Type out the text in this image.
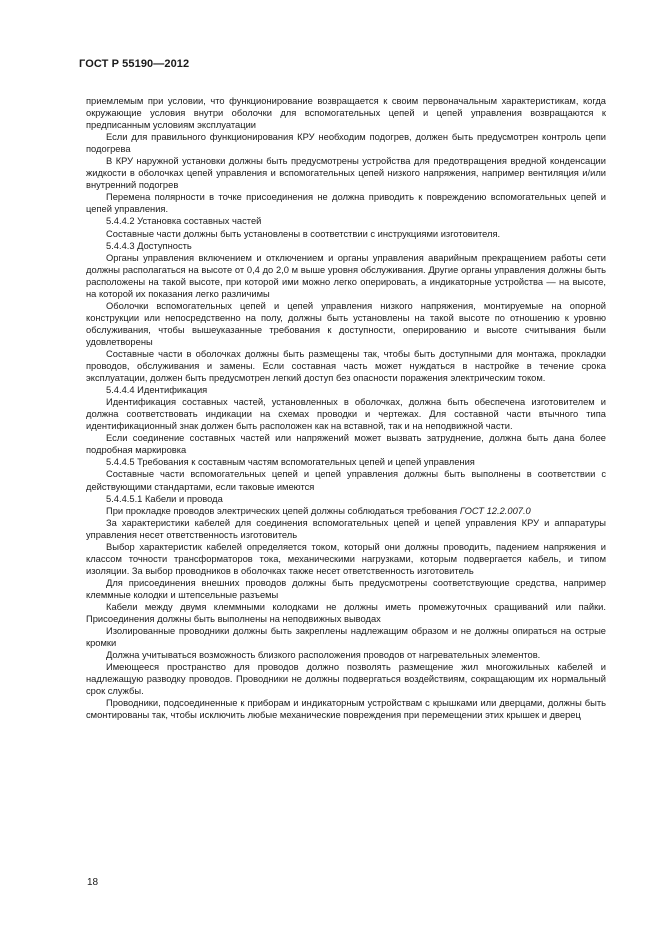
ГОСТ Р 55190—2012

приемлемым при условии, что функционирование возвращается к своим первоначальным характеристикам, когда окружающие условия внутри оболочки для вспомогательных цепей и цепей управления возвращаются к предписанным условиям эксплуатации

Если для правильного функционирования КРУ необходим подогрев, должен быть предусмотрен контроль цепи подогрева

В КРУ наружной установки должны быть предусмотрены устройства для предотвращения вредной конденсации жидкости в оболочках цепей управления и вспомогательных цепей низкого напряжения, например вентиляция и/или внутренний подогрев

Перемена полярности в точке присоединения не должна приводить к повреждению вспомогательных цепей и цепей управления.

5.4.4.2 Установка составных частей

Составные части должны быть установлены в соответствии с инструкциями изготовителя.

5.4.4.3 Доступность

Органы управления включением и отключением и органы управления аварийным прекращением работы сети должны располагаться на высоте от 0,4 до 2,0 м выше уровня обслуживания. Другие органы управления должны быть расположены на такой высоте, при которой ими можно легко оперировать, а индикаторные устройства — на высоте, на которой их показания легко различимы

Оболочки вспомогательных цепей и цепей управления низкого напряжения, монтируемые на опорной конструкции или непосредственно на полу, должны быть установлены на такой высоте по отношению к уровню обслуживания, чтобы вышеуказанные требования к доступности, оперированию и высоте считывания были удовлетворены

Составные части в оболочках должны быть размещены так, чтобы быть доступными для монтажа, прокладки проводов, обслуживания и замены. Если составная часть может нуждаться в настройке в течение срока эксплуатации, должен быть предусмотрен легкий доступ без опасности поражения электрическим током.

5.4.4.4 Идентификация

Идентификация составных частей, установленных в оболочках, должна быть обеспечена изготовителем и должна соответствовать индикации на схемах проводки и чертежах. Для составной части втычного типа идентификационный знак должен быть расположен как на вставной, так и на неподвижной части.

Если соединение составных частей или напряжений может вызвать затруднение, должна быть дана более подробная маркировка

5.4.4.5 Требования к составным частям вспомогательных цепей и цепей управления

Составные части вспомогательных цепей и цепей управления должны быть выполнены в соответствии с действующими стандартами, если таковые имеются

5.4.4.5.1 Кабели и провода

При прокладке проводов электрических цепей должны соблюдаться требования ГОСТ 12.2.007.0

За характеристики кабелей для соединения вспомогательных цепей и цепей управления КРУ и аппаратуры управления несет ответственность изготовитель

Выбор характеристик кабелей определяется током, который они должны проводить, падением напряжения и классом точности трансформаторов тока, механическими нагрузками, которым подвергается кабель, и типом изоляции. За выбор проводников в оболочках также несет ответственность изготовитель

Для присоединения внешних проводов должны быть предусмотрены соответствующие средства, например клеммные колодки и штепсельные разъемы

Кабели между двумя клеммными колодками не должны иметь промежуточных сращиваний или пайки. Присоединения должны быть выполнены на неподвижных выводах

Изолированные проводники должны быть закреплены надлежащим образом и не должны опираться на острые кромки

Должна учитываться возможность близкого расположения проводов от нагревательных элементов.

Имеющееся пространство для проводов должно позволять размещение жил многожильных кабелей и надлежащую разводку проводов. Проводники не должны подвергаться воздействиям, сокращающим их нормальный срок службы.

Проводники, подсоединенные к приборам и индикаторным устройствам с крышками или дверцами, должны быть смонтированы так, чтобы исключить любые механические повреждения при перемещении этих крышек и дверец

18
